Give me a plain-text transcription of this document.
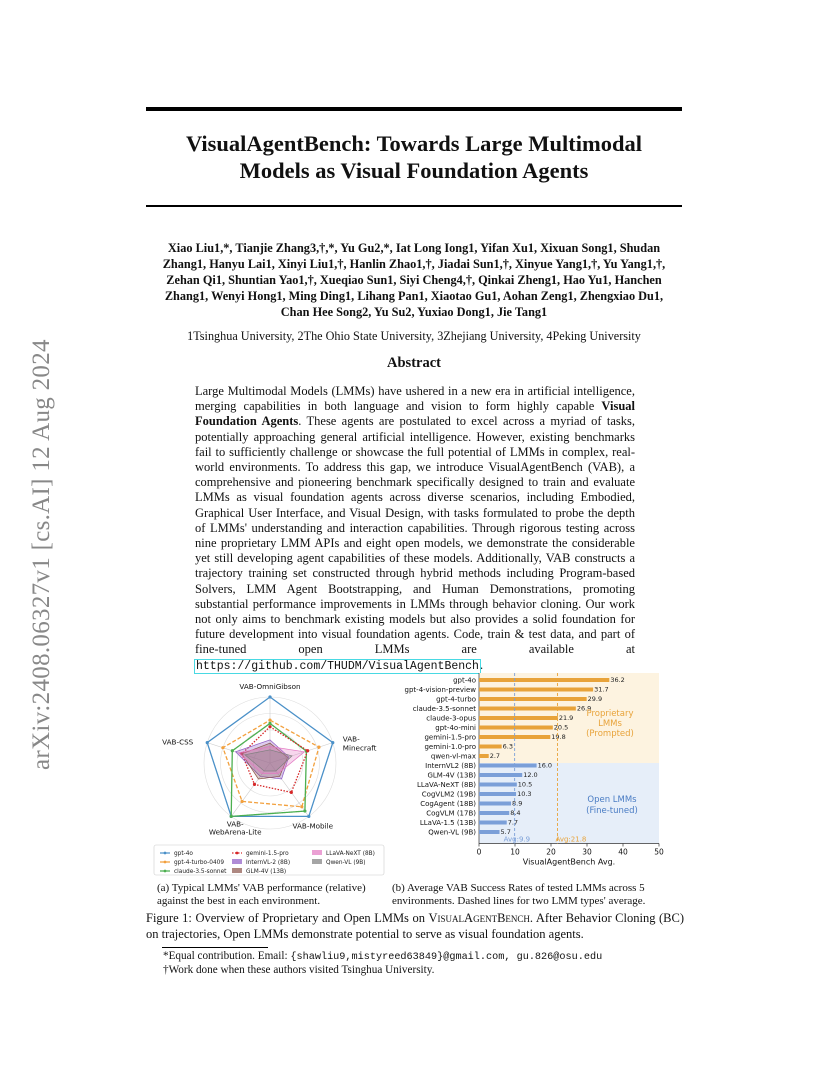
arXiv:2408.06327v1 [cs.AI] 12 Aug 2024
VisualAgentBench: Towards Large Multimodal
Models as Visual Foundation Agents
Xiao Liu1,*, Tianjie Zhang3,†,*, Yu Gu2,*, Iat Long Iong1, Yifan Xu1, Xixuan Song1, Shudan
Zhang1, Hanyu Lai1, Xinyi Liu1,†, Hanlin Zhao1,†, Jiadai Sun1,†, Xinyue Yang1,†, Yu Yang1,†,
Zehan Qi1, Shuntian Yao1,†, Xueqiao Sun1, Siyi Cheng4,†, Qinkai Zheng1, Hao Yu1, Hanchen
Zhang1, Wenyi Hong1, Ming Ding1, Lihang Pan1, Xiaotao Gu1, Aohan Zeng1, Zhengxiao Du1,
Chan Hee Song2, Yu Su2, Yuxiao Dong1, Jie Tang1
1Tsinghua University, 2The Ohio State University, 3Zhejiang University, 4Peking University
Abstract
Large Multimodal Models (LMMs) have ushered in a new era in artificial intelligence, merging capabilities in both language and vision to form highly capable Visual Foundation Agents. These agents are postulated to excel across a myriad of tasks, potentially approaching general artificial intelligence. However, existing benchmarks fail to sufficiently challenge or showcase the full potential of LMMs in complex, real-world environments. To address this gap, we introduce VisualAgentBench (VAB), a comprehensive and pioneering benchmark specifically designed to train and evaluate LMMs as visual foundation agents across diverse scenarios, including Embodied, Graphical User Interface, and Visual Design, with tasks formulated to probe the depth of LMMs' understanding and interaction capabilities. Through rigorous testing across nine proprietary LMM APIs and eight open models, we demonstrate the considerable yet still developing agent capabilities of these models. Additionally, VAB constructs a trajectory training set constructed through hybrid methods including Program-based Solvers, LMM Agent Bootstrapping, and Human Demonstrations, promoting substantial performance improvements in LMMs through behavior cloning. Our work not only aims to benchmark existing models but also provides a solid foundation for future development into visual foundation agents. Code, train & test data, and part of fine-tuned open LMMs are available at https://github.com/THUDM/VisualAgentBench.
VAB-OmniGibson
VAB-Minecraft
VAB-Mobile
VAB-WebArena-Lite
VAB-CSS
gpt-4o
gpt-4-turbo-0409
claude-3.5-sonnet
gemini-1.5-pro
InternVL-2 (8B)
GLM-4V (13B)
LLaVA-NeXT (8B)
Qwen-VL (9B)
0	10	20	30	40	50
VisualAgentBench Avg.
36.2
gpt-4o
31.7
gpt-4-vision-preview
29.9
gpt-4-turbo
26.9
claude-3.5-sonnet
21.9
claude-3-opus
20.5
gpt-4o-mini
19.8
gemini-1.5-pro
6.3
gemini-1.0-pro
2.7
qwen-vl-max
16.0
InternVL2 (8B)
12.0
GLM-4V (13B)
10.5
LLaVA-NeXT (8B)
10.3
CogVLM2 (19B)
8.9
CogAgent (18B)
8.4
CogVLM (17B)
7.7
LLaVA-1.5 (13B)
5.7
Qwen-VL (9B)
Avg:21.8
Avg:9.9
Proprietary LMMs (Prompted)
Open LMMs (Fine-tuned)
(a) Typical LMMs' VAB performance (relative) against the best in each environment.
(b) Average VAB Success Rates of tested LMMs across 5 environments. Dashed lines for two LMM types' average.
Figure 1: Overview of Proprietary and Open LMMs on VisualAgentBench. After Behavior Cloning (BC) on trajectories, Open LMMs demonstrate potential to serve as visual foundation agents.
*Equal contribution. Email: {shawliu9,mistyreed63849}@gmail.com, gu.826@osu.edu
†Work done when these authors visited Tsinghua University.
